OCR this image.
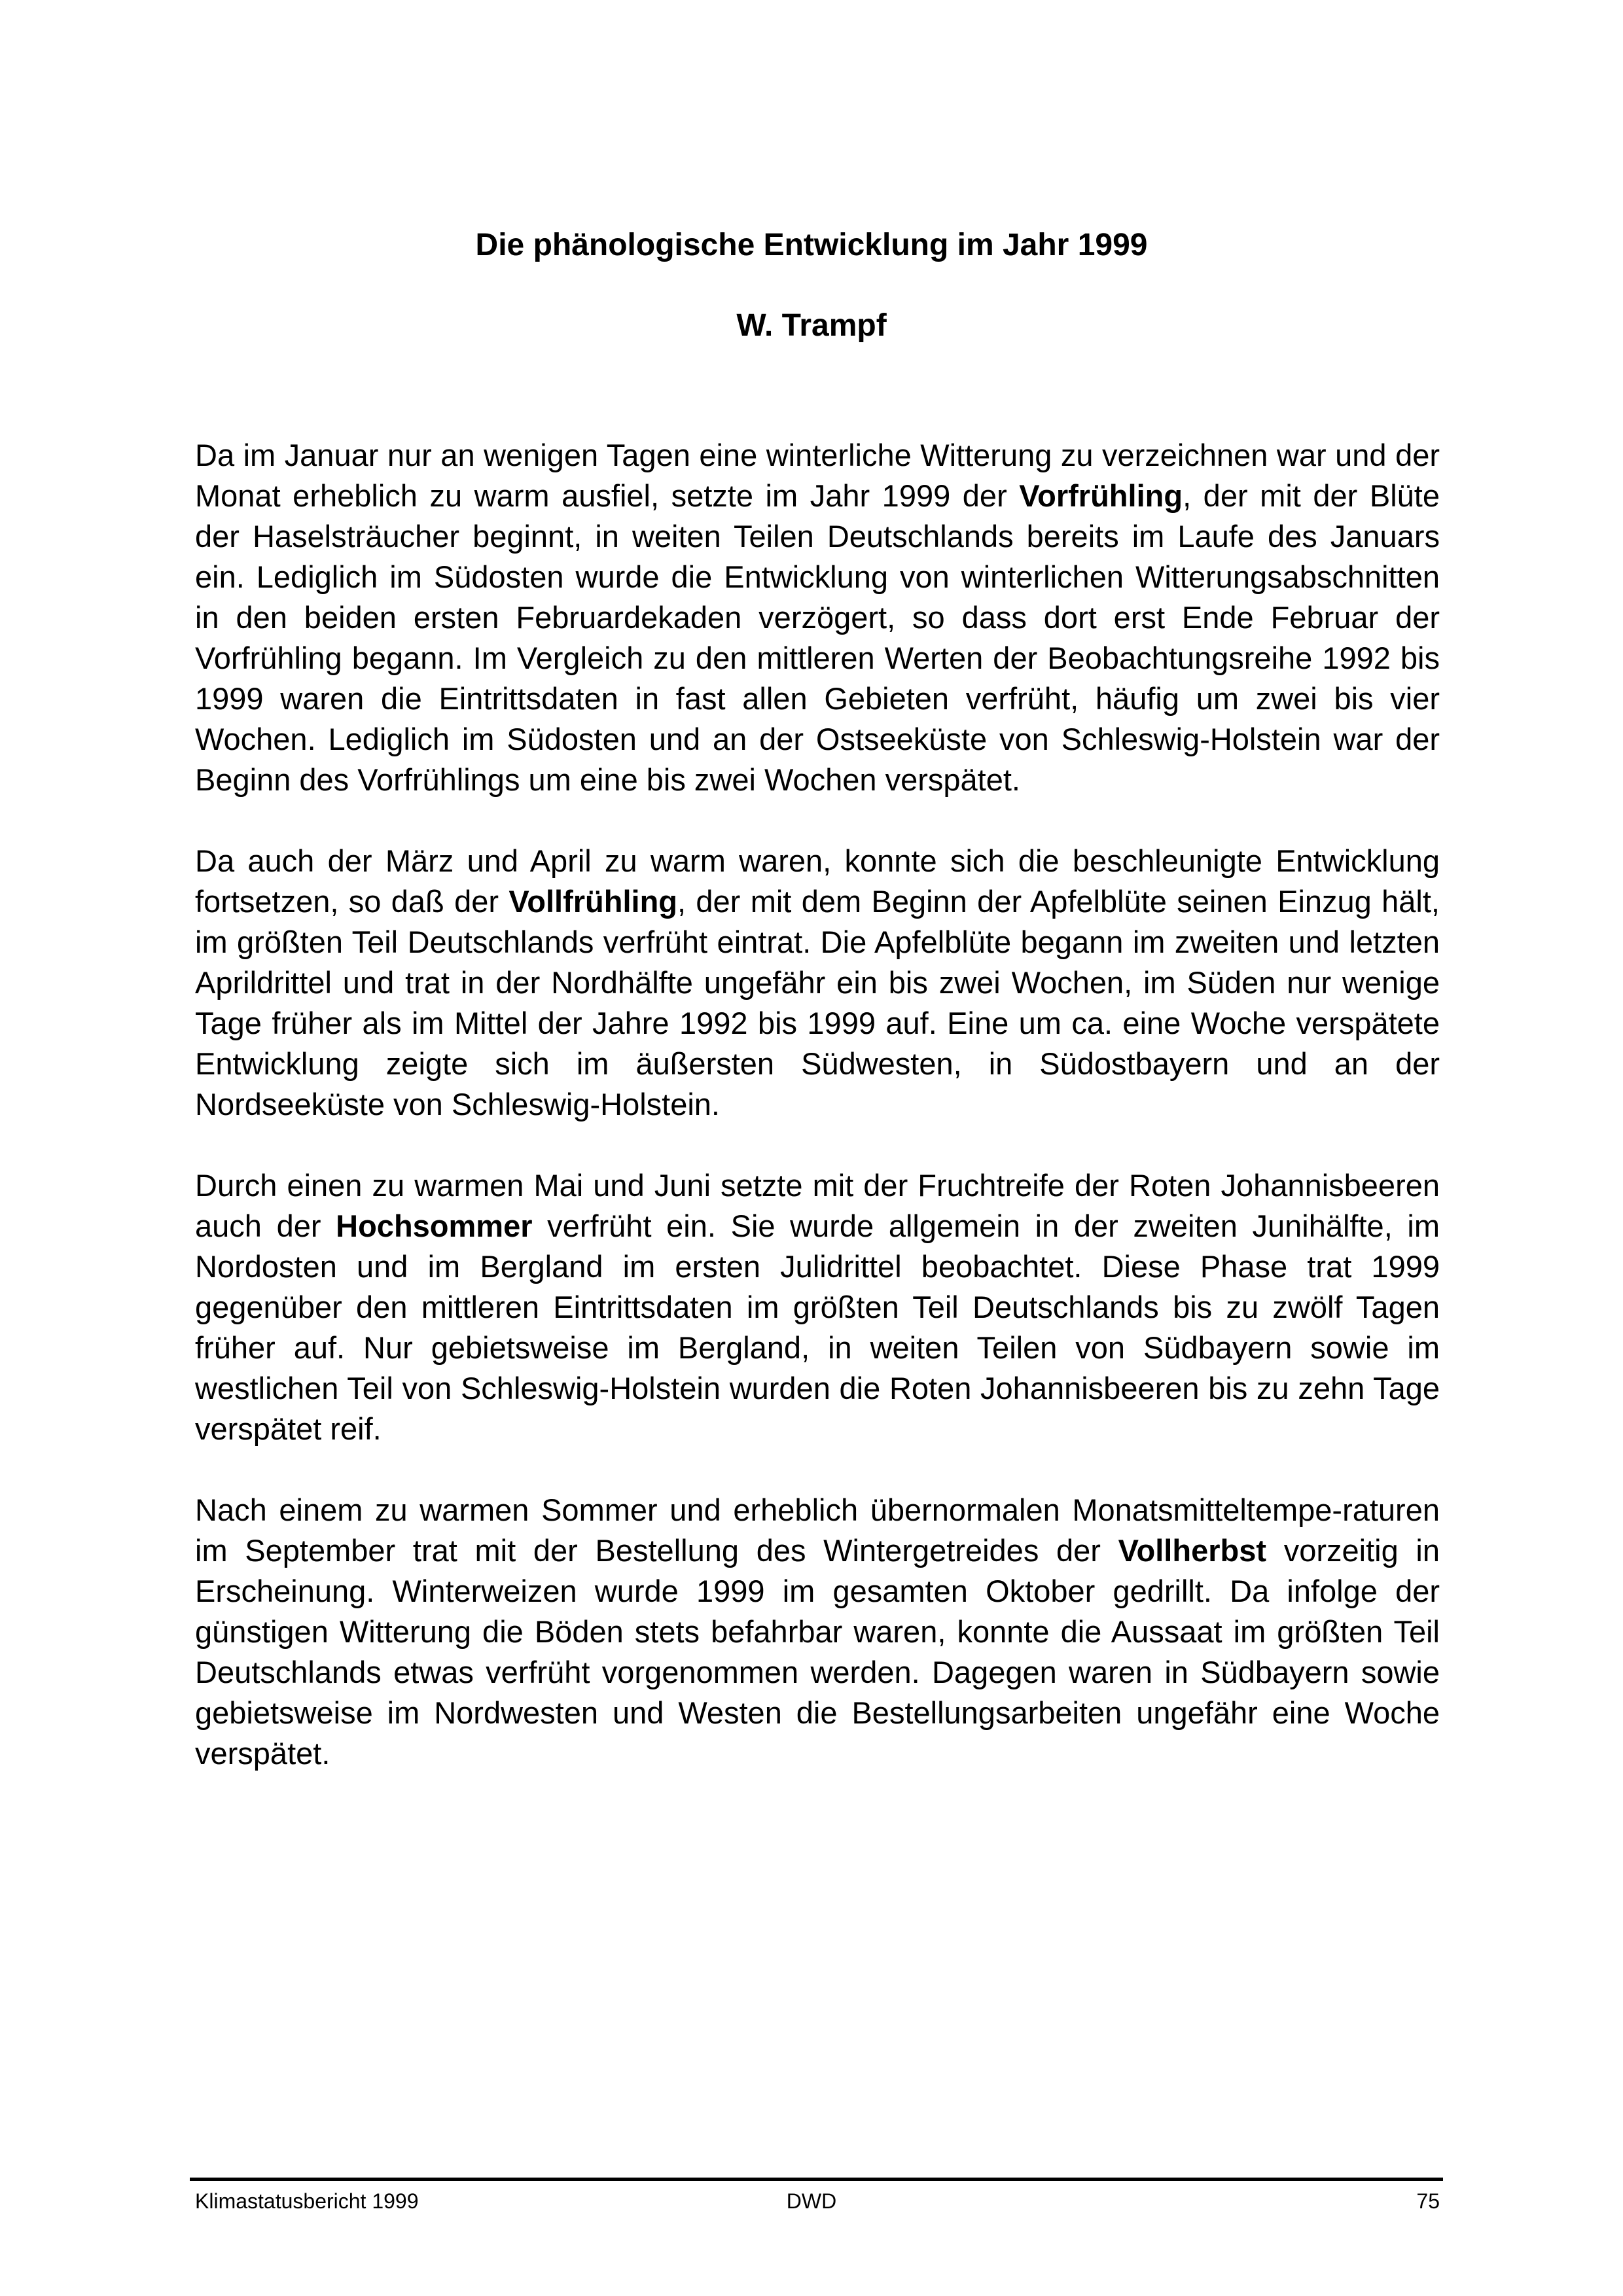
Die phänologische Entwicklung im Jahr 1999
W. Trampf

Da im Januar nur an wenigen Tagen eine winterliche Witterung zu verzeichnen war und der Monat erheblich zu warm ausfiel, setzte im Jahr 1999 der Vorfrühling, der mit der Blüte der Haselsträucher beginnt, in weiten Teilen Deutschlands bereits im Laufe des Januars ein. Lediglich im Südosten wurde die Entwicklung von winterlichen Witterungsabschnitten in den beiden ersten Februardekaden verzögert, so dass dort erst Ende Februar der Vorfrühling begann. Im Vergleich zu den mittleren Werten der Beobachtungsreihe 1992 bis 1999 waren die Eintrittsdaten in fast allen Gebieten verfrüht, häufig um zwei bis vier Wochen. Lediglich im Südosten und an der Ostseeküste von Schleswig-Holstein war der Beginn des Vorfrühlings um eine bis zwei Wochen verspätet.

Da auch der März und April zu warm waren, konnte sich die beschleunigte Entwicklung fortsetzen, so daß der Vollfrühling, der mit dem Beginn der Apfelblüte seinen Einzug hält, im größten Teil Deutschlands verfrüht eintrat. Die Apfelblüte begann im zweiten und letzten Aprildrittel und trat in der Nordhälfte ungefähr ein bis zwei Wochen, im Süden nur wenige Tage früher als im Mittel der Jahre 1992 bis 1999 auf. Eine um ca. eine Woche verspätete Entwicklung zeigte sich im äußersten Südwesten, in Südostbayern und an der Nordseeküste von Schleswig-Holstein.

Durch einen zu warmen Mai und Juni setzte mit der Fruchtreife der Roten Johannisbeeren auch der Hochsommer verfrüht ein. Sie wurde allgemein in der zweiten Junihälfte, im Nordosten und im Bergland im ersten Julidrittel beobachtet. Diese Phase trat 1999 gegenüber den mittleren Eintrittsdaten im größten Teil Deutschlands bis zu zwölf Tagen früher auf. Nur gebietsweise im Bergland, in weiten Teilen von Südbayern sowie im westlichen Teil von Schleswig-Holstein wurden die Roten Johannisbeeren bis zu zehn Tage verspätet reif.

Nach einem zu warmen Sommer und erheblich übernormalen Monatsmitteltempe-raturen im September trat mit der Bestellung des Wintergetreides der Vollherbst vorzeitig in Erscheinung. Winterweizen wurde 1999 im gesamten Oktober gedrillt. Da infolge der günstigen Witterung die Böden stets befahrbar waren, konnte die Aussaat im größten Teil Deutschlands etwas verfrüht vorgenommen werden. Dagegen waren in Südbayern sowie gebietsweise im Nordwesten und Westen die Bestellungsarbeiten ungefähr eine Woche verspätet.

Klimastatusbericht 1999	DWD	75
